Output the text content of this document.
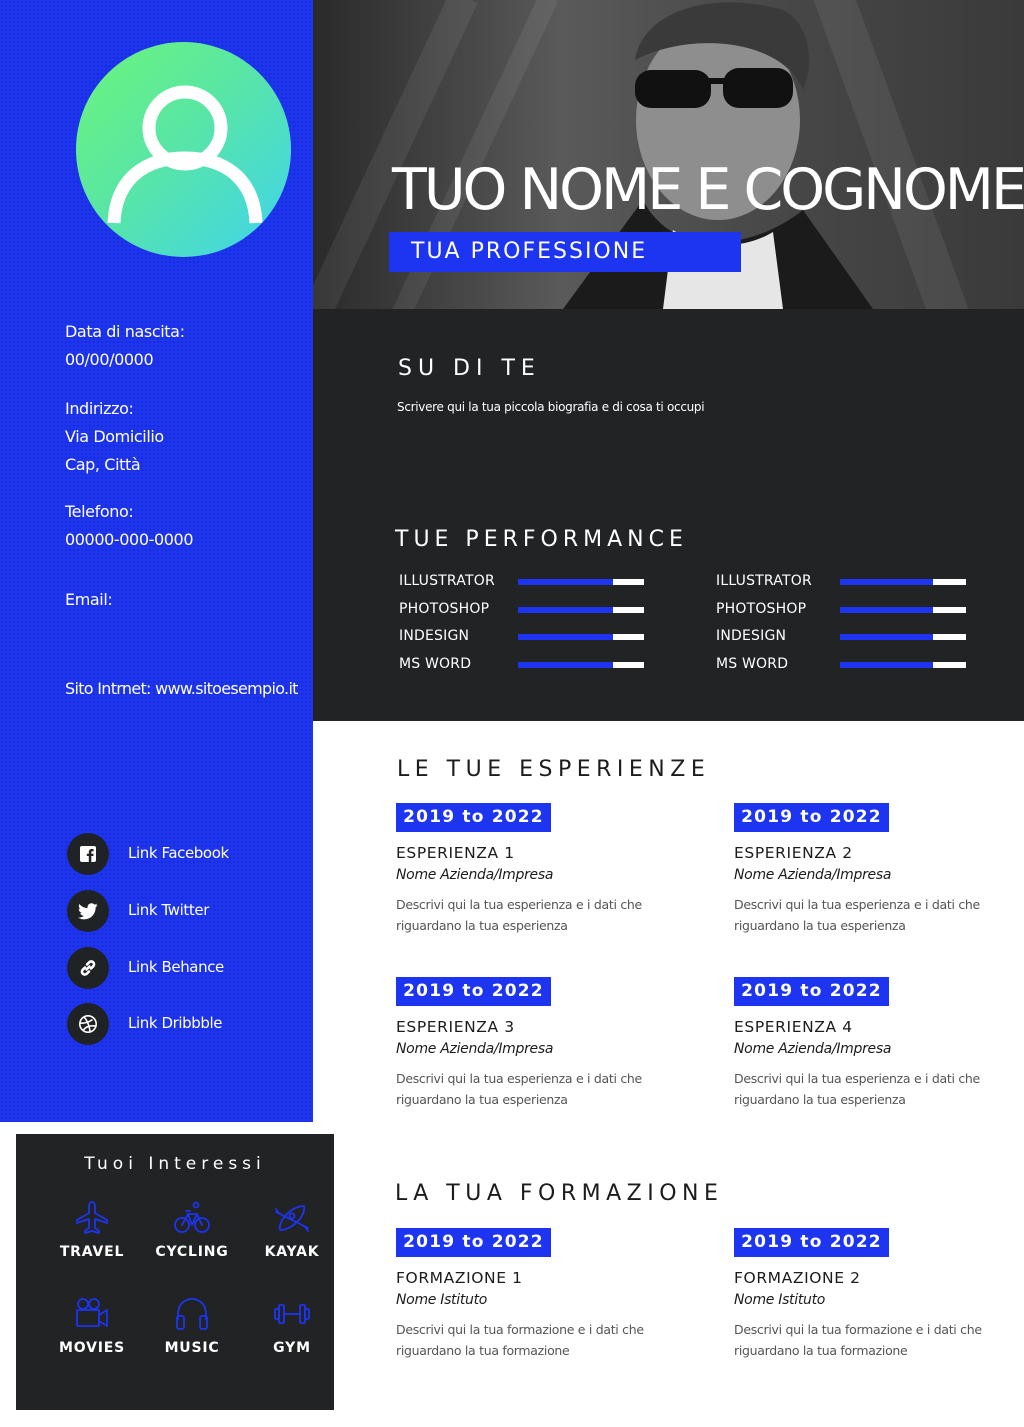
Data di nascita:
00/00/0000
Indirizzo:
Via Domicilio
Cap, Città
Telefono:
00000-000-0000
Email:
Sito Intrnet: www.sitoesempio.it
Link Facebook
Link Twitter
Link Behance
Link Dribbble
TUO NOME E COGNOME
TUA PROFESSIONE
SU DI TE
Scrivere qui la tua piccola biografia e di cosa ti occupi
TUE PERFORMANCE
ILLUSTRATOR
PHOTOSHOP
INDESIGN
MS WORD
ILLUSTRATOR
PHOTOSHOP
INDESIGN
MS WORD
LE TUE ESPERIENZE
2019 to 2022
ESPERIENZA 1
Nome Azienda/Impresa
Descrivi qui la tua esperienza e i dati che riguardano la tua esperienza
2019 to 2022
ESPERIENZA 2
Nome Azienda/Impresa
Descrivi qui la tua esperienza e i dati che riguardano la tua esperienza
2019 to 2022
ESPERIENZA 3
Nome Azienda/Impresa
Descrivi qui la tua esperienza e i dati che riguardano la tua esperienza
2019 to 2022
ESPERIENZA 4
Nome Azienda/Impresa
Descrivi qui la tua esperienza e i dati che riguardano la tua esperienza
LA TUA FORMAZIONE
2019 to 2022
FORMAZIONE 1
Nome Istituto
Descrivi qui la tua formazione e i dati che riguardano la tua formazione
2019 to 2022
FORMAZIONE 2
Nome Istituto
Descrivi qui la tua formazione e i dati che riguardano la tua formazione
Tuoi Interessi
TRAVEL	CYCLING	KAYAK
MOVIES	MUSIC	GYM
